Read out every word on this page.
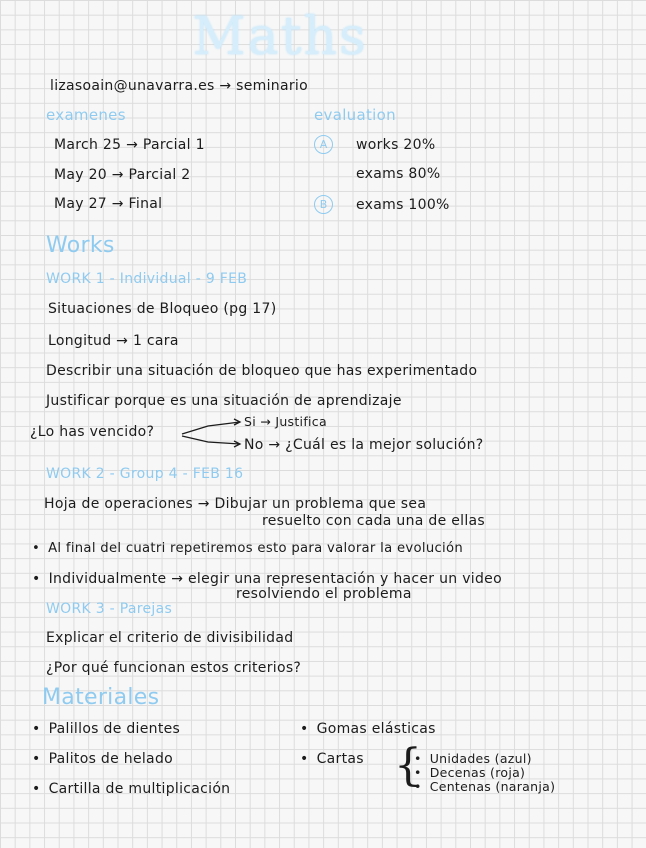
Maths
lizasoain@unavarra.es → seminario
examenes
March 25 → Parcial 1
May 20 → Parcial 2
May 27 → Final
evaluation
A	works 20%
exams 80%
B	exams 100%
Works
WORK 1 - Individual - 9 FEB
Situaciones de Bloqueo (pg 17)
Longitud → 1 cara
Describir una situación de bloqueo que has experimentado
Justificar porque es una situación de aprendizaje
¿Lo has vencido?
Si → Justifica
No → ¿Cuál es la mejor solución?
WORK 2 - Group 4 - FEB 16
Hoja de operaciones → Dibujar un problema que sea
resuelto con cada una de ellas
• Al final del cuatri repetiremos esto para valorar la evolución
• Individualmente → elegir una representación y hacer un video
resolviendo el problema
WORK 3 - Parejas
Explicar el criterio de divisibilidad
¿Por qué funcionan estos criterios?
Materiales
• Palillos de dientes
• Palitos de helado
• Cartilla de multiplicación
• Gomas elásticas
• Cartas {
• Unidades (azul)
• Decenas (roja)
• Centenas (naranja)
